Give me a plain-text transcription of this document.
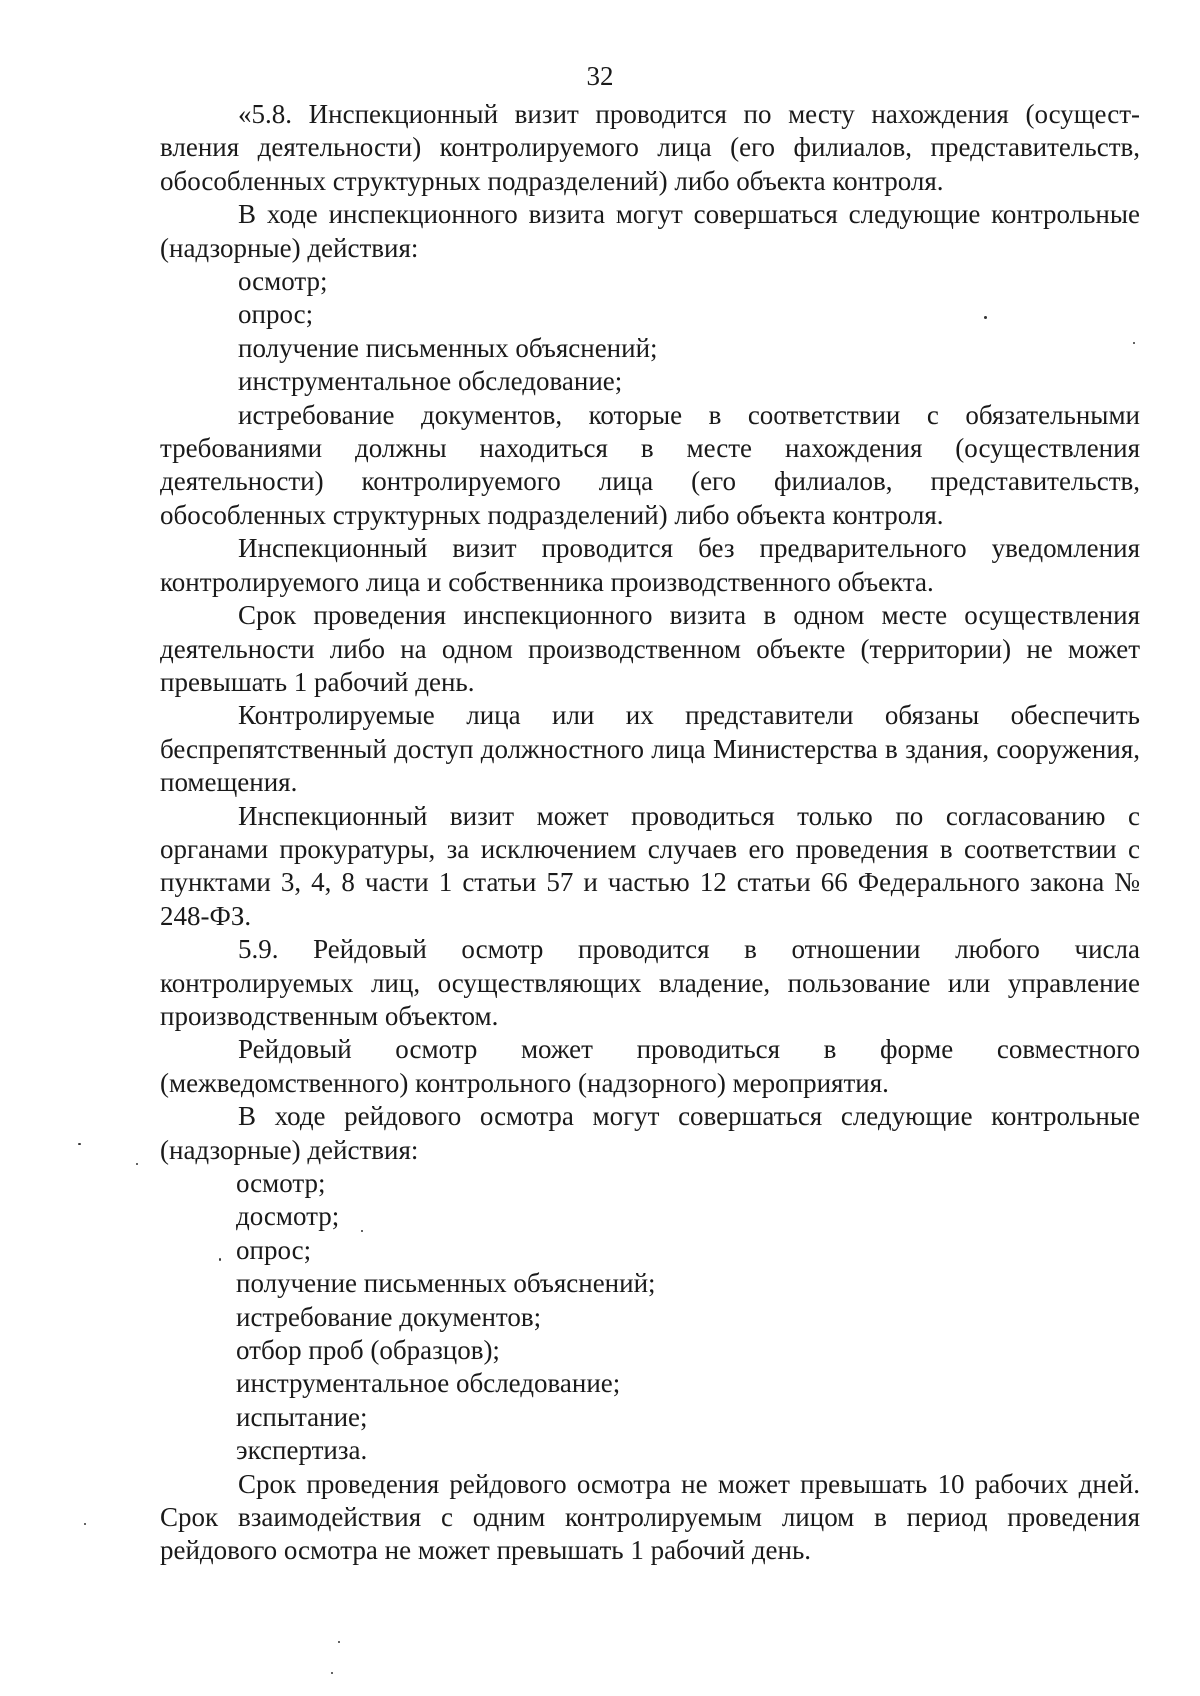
32

«5.8. Инспекционный визит проводится по месту нахождения (осущест-вления деятельности) контролируемого лица (его филиалов, представительств, обособленных структурных подразделений) либо объекта контроля.

В ходе инспекционного визита могут совершаться следующие контрольные (надзорные) действия:

осмотр;

опрос;

получение письменных объяснений;

инструментальное обследование;

истребование документов, которые в соответствии с обязательными требованиями должны находиться в месте нахождения (осуществления деятельности) контролируемого лица (его филиалов, представительств, обособленных структурных подразделений) либо объекта контроля.

Инспекционный визит проводится без предварительного уведомления контролируемого лица и собственника производственного объекта.

Срок проведения инспекционного визита в одном месте осуществления деятельности либо на одном производственном объекте (территории) не может превышать 1 рабочий день.

Контролируемые лица или их представители обязаны обеспечить беспрепятственный доступ должностного лица Министерства в здания, сооружения, помещения.

Инспекционный визит может проводиться только по согласованию с органами прокуратуры, за исключением случаев его проведения в соответствии с пунктами 3, 4, 8 части 1 статьи 57 и частью 12 статьи 66 Федерального закона № 248-ФЗ.

5.9. Рейдовый осмотр проводится в отношении любого числа контролируемых лиц, осуществляющих владение, пользование или управление производственным объектом.

Рейдовый осмотр может проводиться в форме совместного (межведомственного) контрольного (надзорного) мероприятия.

В ходе рейдового осмотра могут совершаться следующие контрольные (надзорные) действия:

осмотр;

досмотр;

опрос;

получение письменных объяснений;

истребование документов;

отбор проб (образцов);

инструментальное обследование;

испытание;

экспертиза.

Срок проведения рейдового осмотра не может превышать 10 рабочих дней. Срок взаимодействия с одним контролируемым лицом в период проведения рейдового осмотра не может превышать 1 рабочий день.
